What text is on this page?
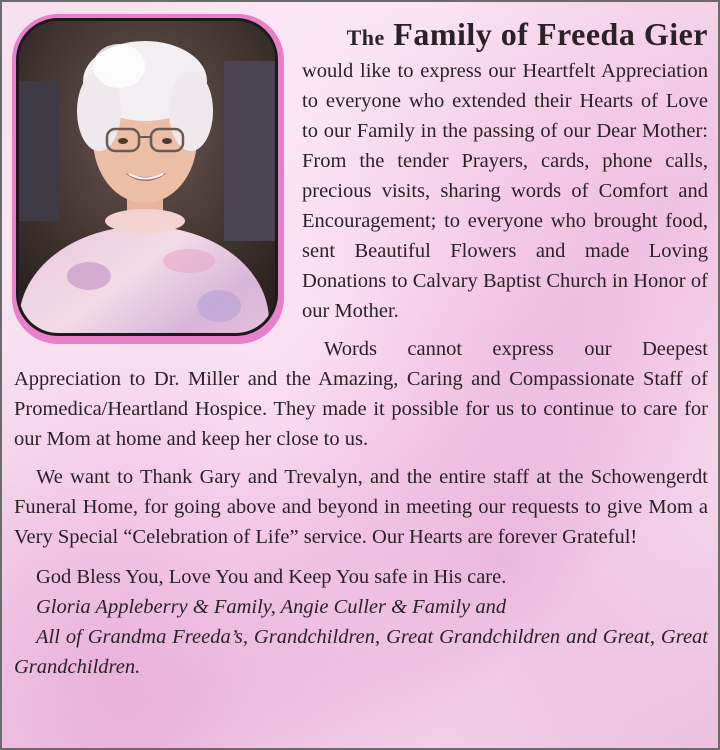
The Family of Freeda Gier

would like to express our Heartfelt Appreciation to everyone who extended their Hearts of Love to our Family in the passing of our Dear Mother: From the tender Prayers, cards, phone calls, precious visits, sharing words of Comfort and Encouragement; to everyone who brought food, sent Beautiful Flowers and made Loving Donations to Calvary Baptist Church in Honor of our Mother.

Words cannot express our Deepest Appreciation to Dr. Miller and the Amazing, Caring and Compassionate Staff of Promedica/Heartland Hospice. They made it possible for us to continue to care for our Mom at home and keep her close to us.

We want to Thank Gary and Trevalyn, and the entire staff at the Schowengerdt Funeral Home, for going above and beyond in meeting our requests to give Mom a Very Special “Celebration of Life” service. Our Hearts are forever Grateful!

God Bless You, Love You and Keep You safe in His care.

Gloria Appleberry & Family, Angie Culler & Family and

All of Grandma Freeda’s, Grandchildren, Great Grandchildren and Great, Great Grandchildren.
